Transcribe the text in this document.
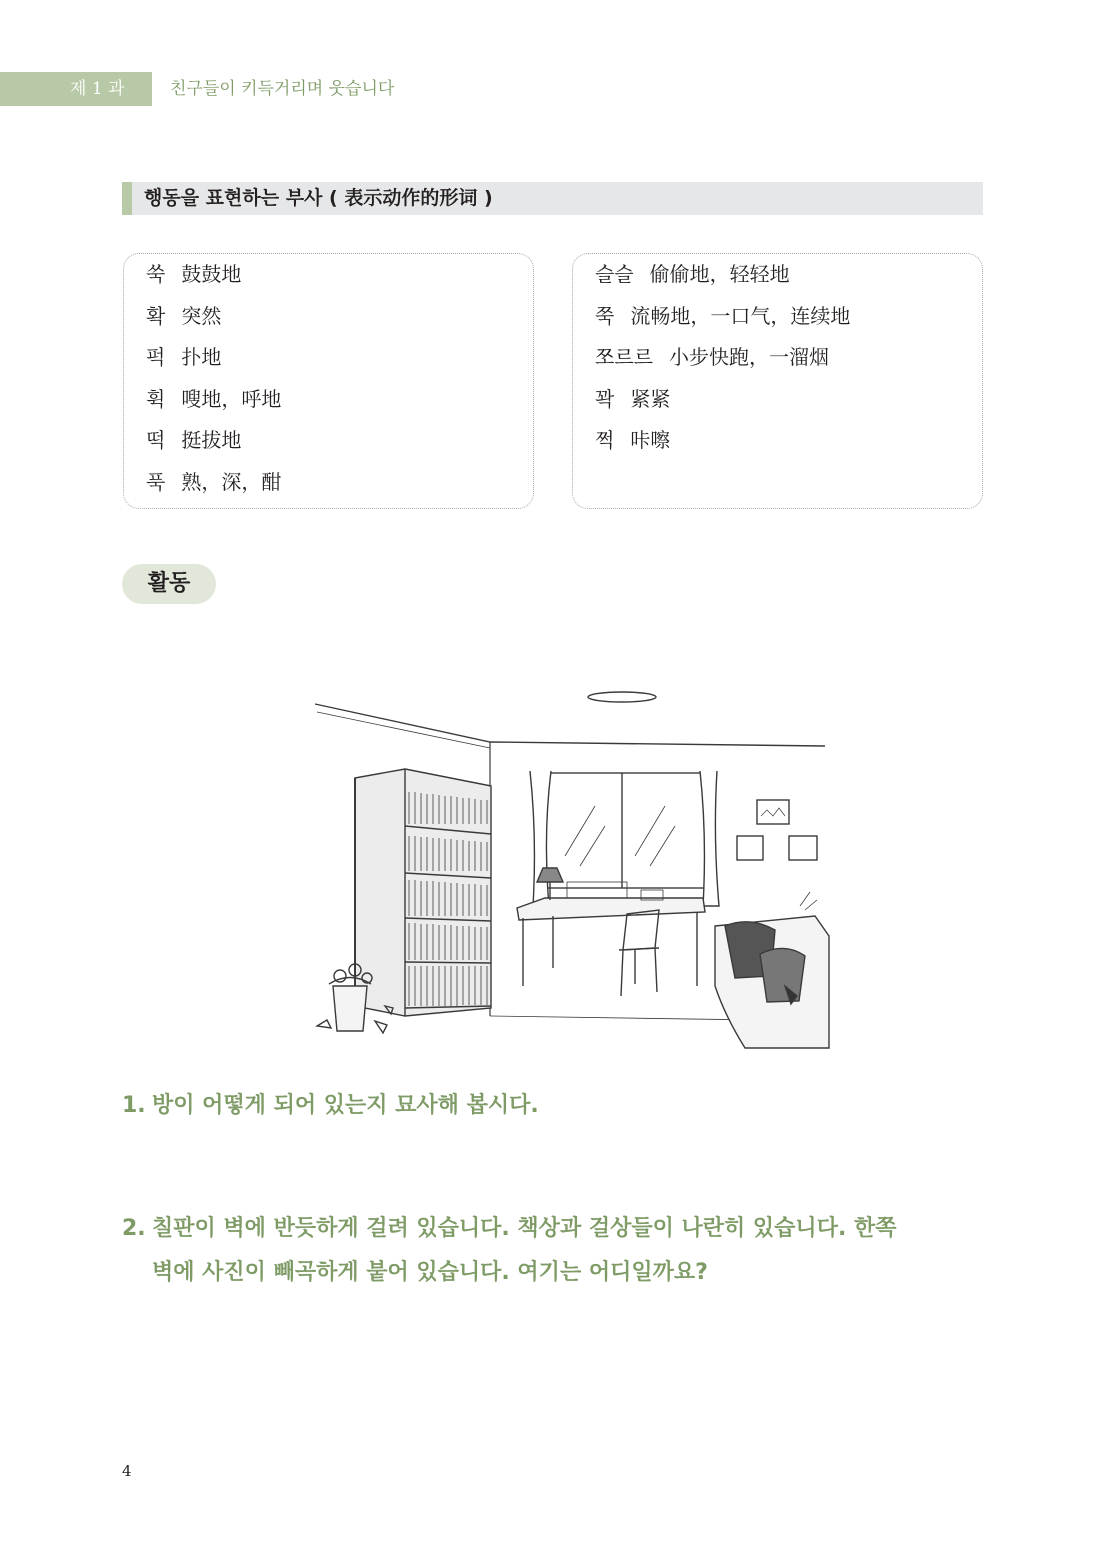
제 1 과	친구들이 키득거리며 웃습니다
행동을 표현하는 부사 ( 表示动作的形词 )
쑥 鼓鼓地
확 突然
퍽 扑地
휙 嗖地，呼地
떡 挺拔地
푹 熟，深，酣
슬슬 偷偷地，轻轻地
쭉 流畅地，一口气，连续地
쪼르르 小步快跑，一溜烟
꽉 紧紧
쩍 咔嚓
활동
1. 방이 어떻게 되어 있는지 묘사해 봅시다.
2. 칠판이 벽에 반듯하게 걸려 있습니다. 책상과 걸상들이 나란히 있습니다. 한쪽
벽에 사진이 빼곡하게 붙어 있습니다. 여기는 어디일까요?
4
